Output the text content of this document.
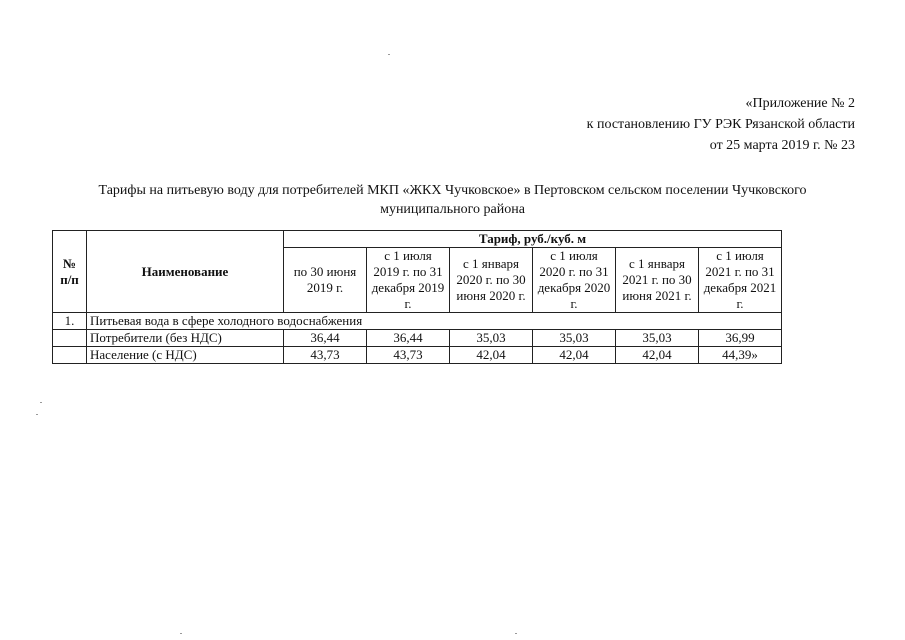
«Приложение № 2
к постановлению ГУ РЭК Рязанской области
от 25 марта 2019 г. № 23
Тарифы на питьевую воду для потребителей МКП «ЖКХ Чучковское» в Пертовском сельском поселении Чучковского
муниципального района
№ п/п	Наименование	Тариф, руб./куб. м					
		по 30 июня 2019 г.	с 1 июля 2019 г. по 31 декабря 2019 г.	с 1 января 2020 г. по 30 июня 2020 г.	с 1 июля 2020 г. по 31 декабря 2020 г.	с 1 января 2021 г. по 30 июня 2021 г.	с 1 июля 2021 г. по 31 декабря 2021 г.
1.	Питьевая вода в сфере холодного водоснабжения						
	Потребители (без НДС)	36,44	36,44	35,03	35,03	35,03	36,99
	Население (с НДС)	43,73	43,73	42,04	42,04	42,04	44,39»
